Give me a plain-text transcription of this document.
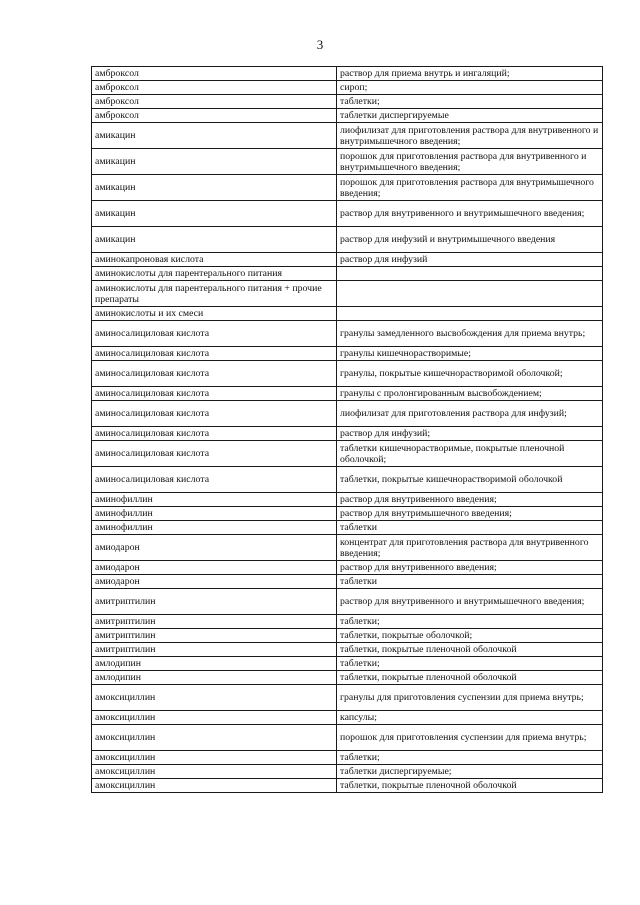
3
амброксол	раствор для приема внутрь и ингаляций;
амброксол	сироп;
амброксол	таблетки;
амброксол	таблетки диспергируемые
амикацин	лиофилизат для приготовления раствора для внутривенного и внутримышечного введения;
амикацин	порошок для приготовления раствора для внутривенного и внутримышечного введения;
амикацин	порошок для приготовления раствора для внутримышечного введения;
амикацин	раствор для внутривенного и внутримышечного введения;
амикацин	раствор для инфузий и внутримышечного введения
аминокапроновая кислота	раствор для инфузий
аминокислоты для парентерального питания	
аминокислоты для парентерального питания + прочие препараты	
аминокислоты и их смеси	
аминосалициловая кислота	гранулы замедленного высвобождения для приема внутрь;
аминосалициловая кислота	гранулы кишечнорастворимые;
аминосалициловая кислота	гранулы, покрытые кишечнорастворимой оболочкой;
аминосалициловая кислота	гранулы с пролонгированным высвобождением;
аминосалициловая кислота	лиофилизат для приготовления раствора для инфузий;
аминосалициловая кислота	раствор для инфузий;
аминосалициловая кислота	таблетки кишечнорастворимые, покрытые пленочной оболочкой;
аминосалициловая кислота	таблетки, покрытые кишечнорастворимой оболочкой
аминофиллин	раствор для внутривенного введения;
аминофиллин	раствор для внутримышечного введения;
аминофиллин	таблетки
амиодарон	концентрат для приготовления раствора для внутривенного введения;
амиодарон	раствор для внутривенного введения;
амиодарон	таблетки
амитриптилин	раствор для внутривенного и внутримышечного введения;
амитриптилин	таблетки;
амитриптилин	таблетки, покрытые оболочкой;
амитриптилин	таблетки, покрытые пленочной оболочкой
амлодипин	таблетки;
амлодипин	таблетки, покрытые пленочной оболочкой
амоксициллин	гранулы для приготовления суспензии для приема внутрь;
амоксициллин	капсулы;
амоксициллин	порошок для приготовления суспензии для приема внутрь;
амоксициллин	таблетки;
амоксициллин	таблетки диспергируемые;
амоксициллин	таблетки, покрытые пленочной оболочкой
